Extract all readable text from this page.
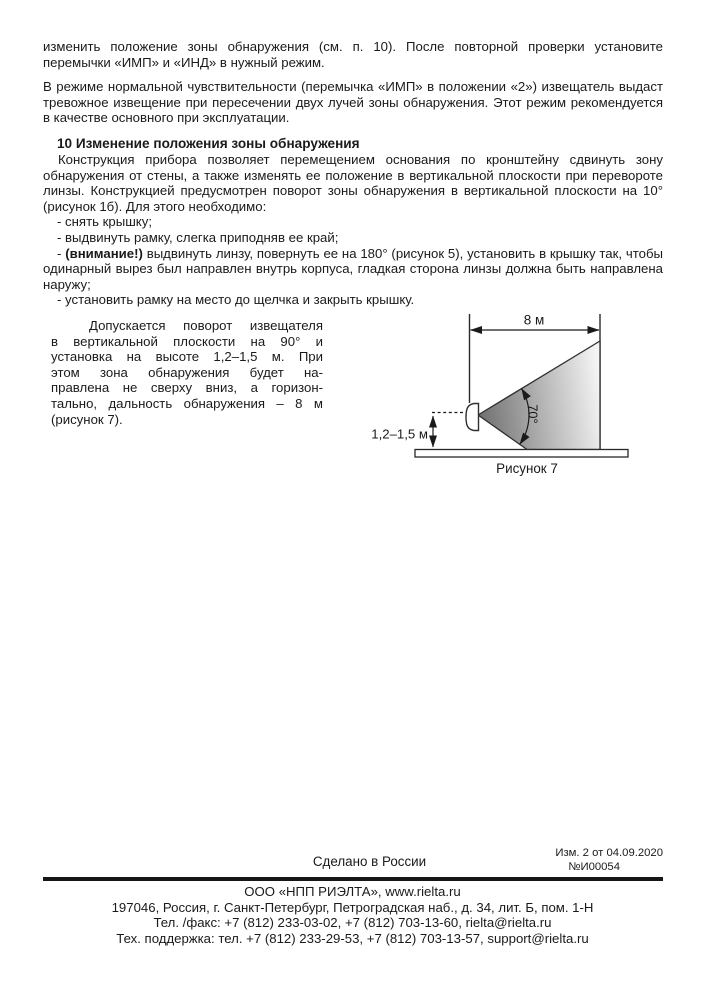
изменить положение зоны обнаружения (см. п. 10). После повторной проверки установите перемычки «ИМП» и «ИНД» в нужный режим.
В режиме нормальной чувствительности (перемычка «ИМП» в положении «2») извещатель выдаст тревожное извещение при пересечении двух лучей зоны обнаружения. Этот режим рекомендуется в качестве основного при эксплуатации.
10 Изменение положения зоны обнаружения

Конструкция прибора позволяет перемещением основания по кронштейну сдвинуть зону обнаружения от стены, а также изменять ее положение в вертикальной плоскости при перевороте линзы. Конструкцией предусмотрен поворот зоны обнаружения в вертикальной плоскости на 10° (рисунок 1б). Для этого необходимо:

- снять крышку;

- выдвинуть рамку, слегка приподняв ее край;

- (внимание!) выдвинуть линзу, повернуть ее на 180° (рисунок 5), установить в крышку так, чтобы одинарный вырез был направлен внутрь корпуса, гладкая сторона линзы должна быть направлена наружу;

- установить рамку на место до щелчка и закрыть крышку.

Допускается поворот извещателя
в вертикальной плоскости на 90° и
установка на высоте 1,2–1,5 м. При
этом зона обнаружения будет на-
правлена не сверху вниз, а горизон-
тально, дальность обнаружения – 8 м
(рисунок 7).
8 м
1,2–1,5 м
70°
Рисунок 7
Сделано в России
Изм. 2 от 04.09.2020
№И00054
ООО «НПП РИЭЛТА», www.rielta.ru
197046, Россия, г. Санкт-Петербург, Петроградская наб., д. 34, лит. Б, пом. 1-Н
Тел. /факс: +7 (812) 233-03-02, +7 (812) 703-13-60, rielta@rielta.ru
Тех. поддержка: тел. +7 (812) 233-29-53, +7 (812) 703-13-57, support@rielta.ru
